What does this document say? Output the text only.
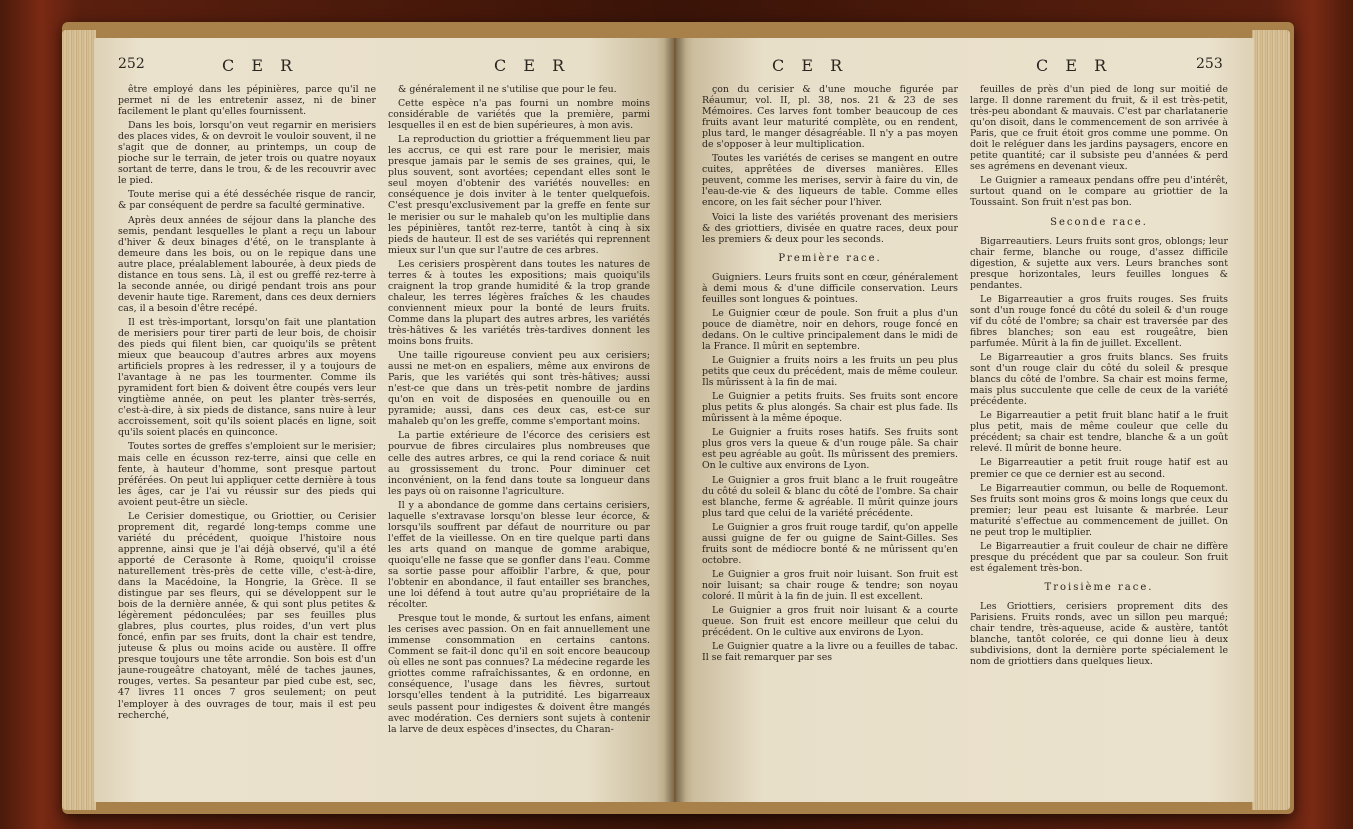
252	C E R	C E R

être employé dans les pépinières, parce qu'il ne permet ni de les entretenir assez, ni de biner facilement le plant qu'elles fournissent.

Dans les bois, lorsqu'on veut regarnir en merisiers des places vides, & on devroit le vouloir souvent, il ne s'agit que de donner, au printemps, un coup de pioche sur le terrain, de jeter trois ou quatre noyaux sortant de terre, dans le trou, & de les recouvrir avec le pied.

Toute merise qui a été desséchée risque de rancir, & par conséquent de perdre sa faculté germinative.

Après deux années de séjour dans la planche des semis, pendant lesquelles le plant a reçu un labour d'hiver & deux binages d'été, on le transplante à demeure dans les bois, ou on le repique dans une autre place, préalablement labourée, à deux pieds de distance en tous sens. Là, il est ou greffé rez-terre à la seconde année, ou dirigé pendant trois ans pour devenir haute tige. Rarement, dans ces deux derniers cas, il a besoin d'être recépé.

Il est très-important, lorsqu'on fait une plantation de merisiers pour tirer parti de leur bois, de choisir des pieds qui filent bien, car quoiqu'ils se prêtent mieux que beaucoup d'autres arbres aux moyens artificiels propres à les redresser, il y a toujours de l'avantage à ne pas les tourmenter. Comme ils pyramident fort bien & doivent être coupés vers leur vingtième année, on peut les planter très-serrés, c'est-à-dire, à six pieds de distance, sans nuire à leur accroissement, soit qu'ils soient placés en ligne, soit qu'ils soient placés en quinconce.

Toutes sortes de greffes s'emploient sur le merisier; mais celle en écusson rez-terre, ainsi que celle en fente, à hauteur d'homme, sont presque partout préférées. On peut lui appliquer cette dernière à tous les âges, car je l'ai vu réussir sur des pieds qui avoient peut-être un siècle.

Le Cerisier domestique, ou Griottier, ou Cerisier proprement dit, regardé long-temps comme une variété du précédent, quoique l'histoire nous apprenne, ainsi que je l'ai déjà observé, qu'il a été apporté de Cerasonte à Rome, quoiqu'il croisse naturellement très-près de cette ville, c'est-à-dire, dans la Macédoine, la Hongrie, la Grèce. Il se distingue par ses fleurs, qui se développent sur le bois de la dernière année, & qui sont plus petites & légèrement pédonculées; par ses feuilles plus glabres, plus courtes, plus roides, d'un vert plus foncé, enfin par ses fruits, dont la chair est tendre, juteuse & plus ou moins acide ou austère. Il offre presque toujours une tête arrondie. Son bois est d'un jaune-rougeâtre chatoyant, mêlé de taches jaunes, rouges, vertes. Sa pesanteur par pied cube est, sec, 47 livres 11 onces 7 gros seulement; on peut l'employer à des ouvrages de tour, mais il est peu recherché,

& généralement il ne s'utilise que pour le feu.

Cette espèce n'a pas fourni un nombre moins considérable de variétés que la première, parmi lesquelles il en est de bien supérieures, à mon avis.

La reproduction du griottier a fréquemment lieu par les accrus, ce qui est rare pour le merisier, mais presque jamais par le semis de ses graines, qui, le plus souvent, sont avortées; cependant elles sont le seul moyen d'obtenir des variétés nouvelles: en conséquence je dois inviter à le tenter quelquefois. C'est presqu'exclusivement par la greffe en fente sur le merisier ou sur le mahaleb qu'on les multiplie dans les pépinières, tantôt rez-terre, tantôt à cinq à six pieds de hauteur. Il est de ses variétés qui reprennent mieux sur l'un que sur l'autre de ces arbres.

Les cerisiers prospèrent dans toutes les natures de terres & à toutes les expositions; mais quoiqu'ils craignent la trop grande humidité & la trop grande chaleur, les terres légères fraîches & les chaudes conviennent mieux pour la bonté de leurs fruits. Comme dans la plupart des autres arbres, les variétés très-hâtives & les variétés très-tardives donnent les moins bons fruits.

Une taille rigoureuse convient peu aux cerisiers; aussi ne met-on en espaliers, même aux environs de Paris, que les variétés qui sont très-hâtives; aussi n'est-ce que dans un très-petit nombre de jardins qu'on en voit de disposées en quenouille ou en pyramide; aussi, dans ces deux cas, est-ce sur mahaleb qu'on les greffe, comme s'emportant moins.

La partie extérieure de l'écorce des cerisiers est pourvue de fibres circulaires plus nombreuses que celle des autres arbres, ce qui la rend coriace & nuit au grossissement du tronc. Pour diminuer cet inconvénient, on la fend dans toute sa longueur dans les pays où on raisonne l'agriculture.

Il y a abondance de gomme dans certains cerisiers, laquelle s'extravase lorsqu'on blesse leur écorce, & lorsqu'ils souffrent par défaut de nourriture ou par l'effet de la vieillesse. On en tire quelque parti dans les arts quand on manque de gomme arabique, quoiqu'elle ne fasse que se gonfler dans l'eau. Comme sa sortie passe pour affoiblir l'arbre, & que, pour l'obtenir en abondance, il faut entailler ses branches, une loi défend à tout autre qu'au propriétaire de la récolter.

Presque tout le monde, & surtout les enfans, aiment les cerises avec passion. On en fait annuellement une immense consommation en certains cantons. Comment se fait-il donc qu'il en soit encore beaucoup où elles ne sont pas connues? La médecine regarde les griottes comme rafraîchissantes, & en ordonne, en conséquence, l'usage dans les fièvres, surtout lorsqu'elles tendent à la putridité. Les bigarreaux seuls passent pour indigestes & doivent être mangés avec modération. Ces derniers sont sujets à contenir la larve de deux espèces d'insectes, du Charan-

C E R	C E R	253

çon du cerisier & d'une mouche figurée par Réaumur, vol. II, pl. 38, nos. 21 & 23 de ses Mémoires. Ces larves font tomber beaucoup de ces fruits avant leur maturité complète, ou en rendent, plus tard, le manger désagréable. Il n'y a pas moyen de s'opposer à leur multiplication.

Toutes les variétés de cerises se mangent en outre cuites, apprêtées de diverses manières. Elles peuvent, comme les merises, servir à faire du vin, de l'eau-de-vie & des liqueurs de table. Comme elles encore, on les fait sécher pour l'hiver.

Voici la liste des variétés provenant des merisiers & des griottiers, divisée en quatre races, deux pour les premiers & deux pour les seconds.

Première race.

Guigniers. Leurs fruits sont en cœur, généralement à demi mous & d'une difficile conservation. Leurs feuilles sont longues & pointues.

Le Guignier cœur de poule. Son fruit a plus d'un pouce de diamètre, noir en dehors, rouge foncé en dedans. On le cultive principalement dans le midi de la France. Il mûrit en septembre.

Le Guignier a fruits noirs a les fruits un peu plus petits que ceux du précédent, mais de même couleur. Ils mûrissent à la fin de mai.

Le Guignier a petits fruits. Ses fruits sont encore plus petits & plus alongés. Sa chair est plus fade. Ils mûrissent à la même époque.

Le Guignier a fruits roses hatifs. Ses fruits sont plus gros vers la queue & d'un rouge pâle. Sa chair est peu agréable au goût. Ils mûrissent des premiers. On le cultive aux environs de Lyon.

Le Guignier a gros fruit blanc a le fruit rougeâtre du côté du soleil & blanc du côté de l'ombre. Sa chair est blanche, ferme & agréable. Il mûrit quinze jours plus tard que celui de la variété précédente.

Le Guignier a gros fruit rouge tardif, qu'on appelle aussi guigne de fer ou guigne de Saint-Gilles. Ses fruits sont de médiocre bonté & ne mûrissent qu'en octobre.

Le Guignier a gros fruit noir luisant. Son fruit est noir luisant; sa chair rouge & tendre; son noyau coloré. Il mûrit à la fin de juin. Il est excellent.

Le Guignier a gros fruit noir luisant & a courte queue. Son fruit est encore meilleur que celui du précédent. On le cultive aux environs de Lyon.

Le Guignier quatre a la livre ou a feuilles de tabac. Il se fait remarquer par ses

feuilles de près d'un pied de long sur moitié de large. Il donne rarement du fruit, & il est très-petit, très-peu abondant & mauvais. C'est par charlatanerie qu'on disoit, dans le commencement de son arrivée à Paris, que ce fruit étoit gros comme une pomme. On doit le reléguer dans les jardins paysagers, encore en petite quantité; car il subsiste peu d'années & perd ses agrémens en devenant vieux.

Le Guignier a rameaux pendans offre peu d'intérêt, surtout quand on le compare au griottier de la Toussaint. Son fruit n'est pas bon.

Seconde race.

Bigarreautiers. Leurs fruits sont gros, oblongs; leur chair ferme, blanche ou rouge, d'assez difficile digestion, & sujette aux vers. Leurs branches sont presque horizontales, leurs feuilles longues & pendantes.

Le Bigarreautier a gros fruits rouges. Ses fruits sont d'un rouge foncé du côté du soleil & d'un rouge vif du côté de l'ombre; sa chair est traversée par des fibres blanches; son eau est rougeâtre, bien parfumée. Mûrit à la fin de juillet. Excellent.

Le Bigarreautier a gros fruits blancs. Ses fruits sont d'un rouge clair du côté du soleil & presque blancs du côté de l'ombre. Sa chair est moins ferme, mais plus succulente que celle de ceux de la variété précédente.

Le Bigarreautier a petit fruit blanc hatif a le fruit plus petit, mais de même couleur que celle du précédent; sa chair est tendre, blanche & a un goût relevé. Il mûrit de bonne heure.

Le Bigarreautier a petit fruit rouge hatif est au premier ce que ce dernier est au second.

Le Bigarreautier commun, ou belle de Roquemont. Ses fruits sont moins gros & moins longs que ceux du premier; leur peau est luisante & marbrée. Leur maturité s'effectue au commencement de juillet. On ne peut trop le multiplier.

Le Bigarreautier a fruit couleur de chair ne diffère presque du précédent que par sa couleur. Son fruit est également très-bon.

Troisième race.

Les Griottiers, cerisiers proprement dits des Parisiens. Fruits ronds, avec un sillon peu marqué; chair tendre, très-aqueuse, acide & austère, tantôt blanche, tantôt colorée, ce qui donne lieu à deux subdivisions, dont la dernière porte spécialement le nom de griottiers dans quelques lieux.
